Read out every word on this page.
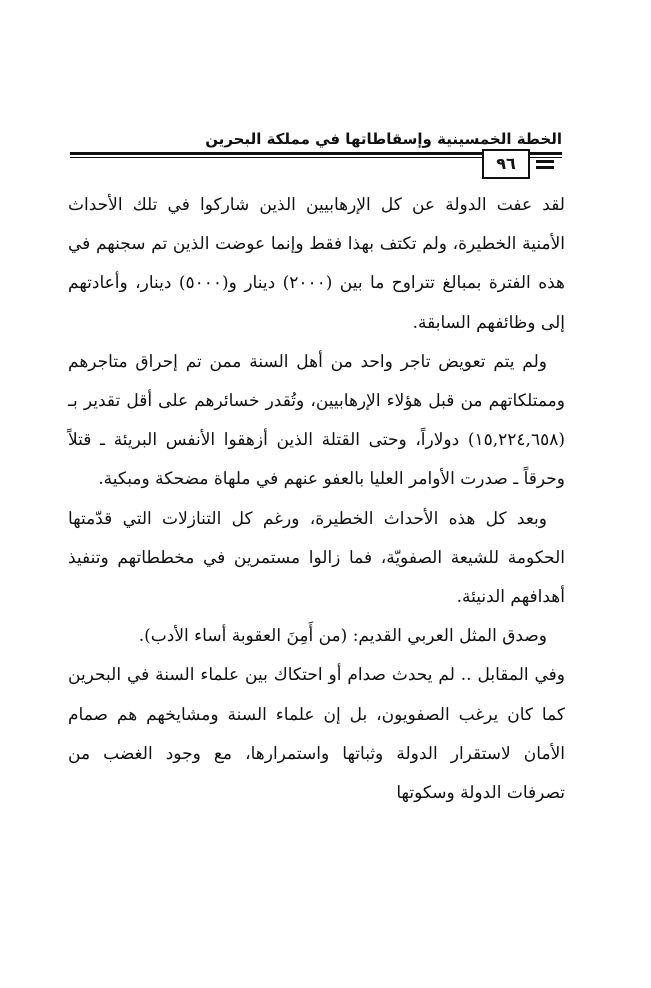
الخطة الخمسينية وإسقاطاتها في مملكة البحرين
٩٦

لقد عفت الدولة عن كل الإرهابيين الذين شاركوا في تلك الأحداث الأمنية الخطيرة، ولم تكتف بهذا فقط وإنما عوضت الذين تم سجنهم في هذه الفترة بمبالغ تتراوح ما بين (٢٠٠٠) دينار و(٥٠٠٠) دينار، وأعادتهم إلى وظائفهم السابقة.

ولم يتم تعويض تاجر واحد من أهل السنة ممن تم إحراق متاجرهم وممتلكاتهم من قبل هؤلاء الإرهابيين، وتُقدر خسائرهم على أقل تقدير بـ (١٥,٢٢٤,٦٥٨) دولاراً، وحتى القتلة الذين أزهقوا الأنفس البريئة ـ قتلاً وحرقاً ـ صدرت الأوامر العليا بالعفو عنهم في ملهاة مضحكة ومبكية.

وبعد كل هذه الأحداث الخطيرة، ورغم كل التنازلات التي قدّمتها الحكومة للشيعة الصفويّة، فما زالوا مستمرين في مخططاتهم وتنفيذ أهدافهم الدنيئة.

وصدق المثل العربي القديم: (من أَمِنَ العقوبة أساء الأدب).

وفي المقابل .. لم يحدث صدام أو احتكاك بين علماء السنة في البحرين كما كان يرغب الصفويون، بل إن علماء السنة ومشايخهم هم صمام الأمان لاستقرار الدولة وثباتها واستمرارها، مع وجود الغضب من تصرفات الدولة وسكوتها
